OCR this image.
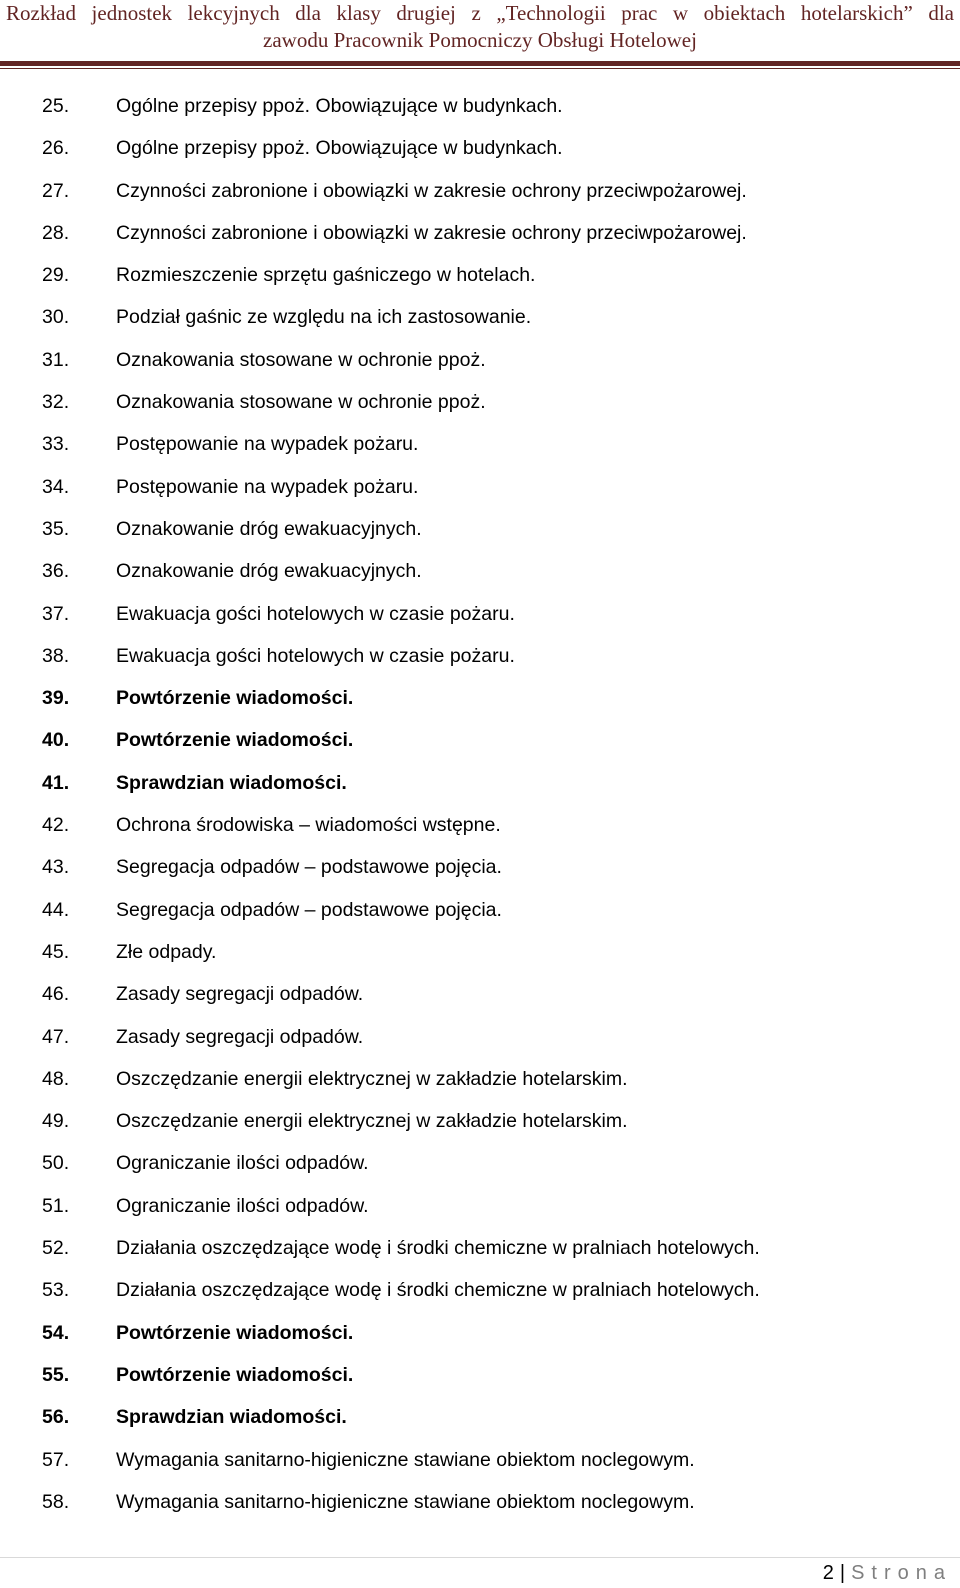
Rozkład jednostek lekcyjnych dla klasy drugiej z „Technologii prac w obiektach hotelarskich” dla
zawodu Pracownik Pomocniczy Obsługi Hotelowej
25. Ogólne przepisy ppoż. Obowiązujące w budynkach.
26. Ogólne przepisy ppoż. Obowiązujące w budynkach.
27. Czynności zabronione i obowiązki w zakresie ochrony przeciwpożarowej.
28. Czynności zabronione i obowiązki w zakresie ochrony przeciwpożarowej.
29. Rozmieszczenie sprzętu gaśniczego w hotelach.
30. Podział gaśnic ze względu na ich zastosowanie.
31. Oznakowania stosowane w ochronie ppoż.
32. Oznakowania stosowane w ochronie ppoż.
33. Postępowanie na wypadek pożaru.
34. Postępowanie na wypadek pożaru.
35. Oznakowanie dróg ewakuacyjnych.
36. Oznakowanie dróg ewakuacyjnych.
37. Ewakuacja gości hotelowych w czasie pożaru.
38. Ewakuacja gości hotelowych w czasie pożaru.
39. Powtórzenie wiadomości.
40. Powtórzenie wiadomości.
41. Sprawdzian wiadomości.
42. Ochrona środowiska – wiadomości wstępne.
43. Segregacja odpadów – podstawowe pojęcia.
44. Segregacja odpadów – podstawowe pojęcia.
45. Złe odpady.
46. Zasady segregacji odpadów.
47. Zasady segregacji odpadów.
48. Oszczędzanie energii elektrycznej w zakładzie hotelarskim.
49. Oszczędzanie energii elektrycznej w zakładzie hotelarskim.
50. Ograniczanie ilości odpadów.
51. Ograniczanie ilości odpadów.
52. Działania oszczędzające wodę i środki chemiczne w pralniach hotelowych.
53. Działania oszczędzające wodę i środki chemiczne w pralniach hotelowych.
54. Powtórzenie wiadomości.
55. Powtórzenie wiadomości.
56. Sprawdzian wiadomości.
57. Wymagania sanitarno-higieniczne stawiane obiektom noclegowym.
58. Wymagania sanitarno-higieniczne stawiane obiektom noclegowym.
2 | Strona
